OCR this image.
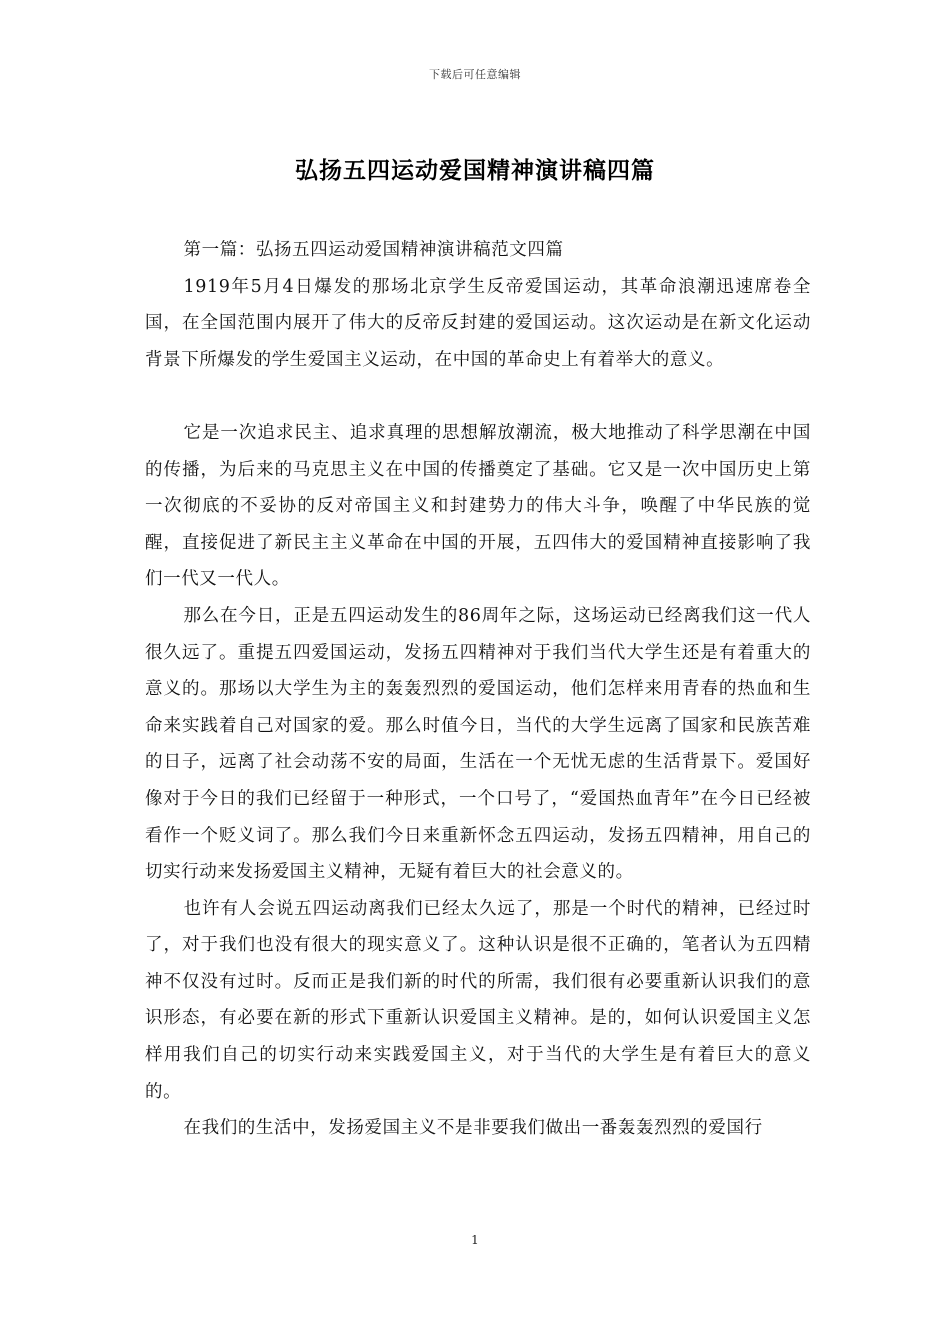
下载后可任意编辑
弘扬五四运动爱国精神演讲稿四篇

第一篇：弘扬五四运动爱国精神演讲稿范文四篇

1919年5月4日爆发的那场北京学生反帝爱国运动，其革命浪潮迅速席卷全国，在全国范围内展开了伟大的反帝反封建的爱国运动。这次运动是在新文化运动背景下所爆发的学生爱国主义运动，在中国的革命史上有着举大的意义。

它是一次追求民主、追求真理的思想解放潮流，极大地推动了科学思潮在中国的传播，为后来的马克思主义在中国的传播奠定了基础。它又是一次中国历史上第一次彻底的不妥协的反对帝国主义和封建势力的伟大斗争，唤醒了中华民族的觉醒，直接促进了新民主主义革命在中国的开展，五四伟大的爱国精神直接影响了我们一代又一代人。

那么在今日，正是五四运动发生的86周年之际，这场运动已经离我们这一代人很久远了。重提五四爱国运动，发扬五四精神对于我们当代大学生还是有着重大的意义的。那场以大学生为主的轰轰烈烈的爱国运动，他们怎样来用青春的热血和生命来实践着自己对国家的爱。那么时值今日，当代的大学生远离了国家和民族苦难的日子，远离了社会动荡不安的局面，生活在一个无忧无虑的生活背景下。爱国好像对于今日的我们已经留于一种形式，一个口号了，“爱国热血青年”在今日已经被看作一个贬义词了。那么我们今日来重新怀念五四运动，发扬五四精神，用自己的切实行动来发扬爱国主义精神，无疑有着巨大的社会意义的。

也许有人会说五四运动离我们已经太久远了，那是一个时代的精神，已经过时了，对于我们也没有很大的现实意义了。这种认识是很不正确的，笔者认为五四精神不仅没有过时。反而正是我们新的时代的所需，我们很有必要重新认识我们的意识形态，有必要在新的形式下重新认识爱国主义精神。是的，如何认识爱国主义怎样用我们自己的切实行动来实践爱国主义，对于当代的大学生是有着巨大的意义的。

在我们的生活中，发扬爱国主义不是非要我们做出一番轰轰烈烈的爱国行

1
